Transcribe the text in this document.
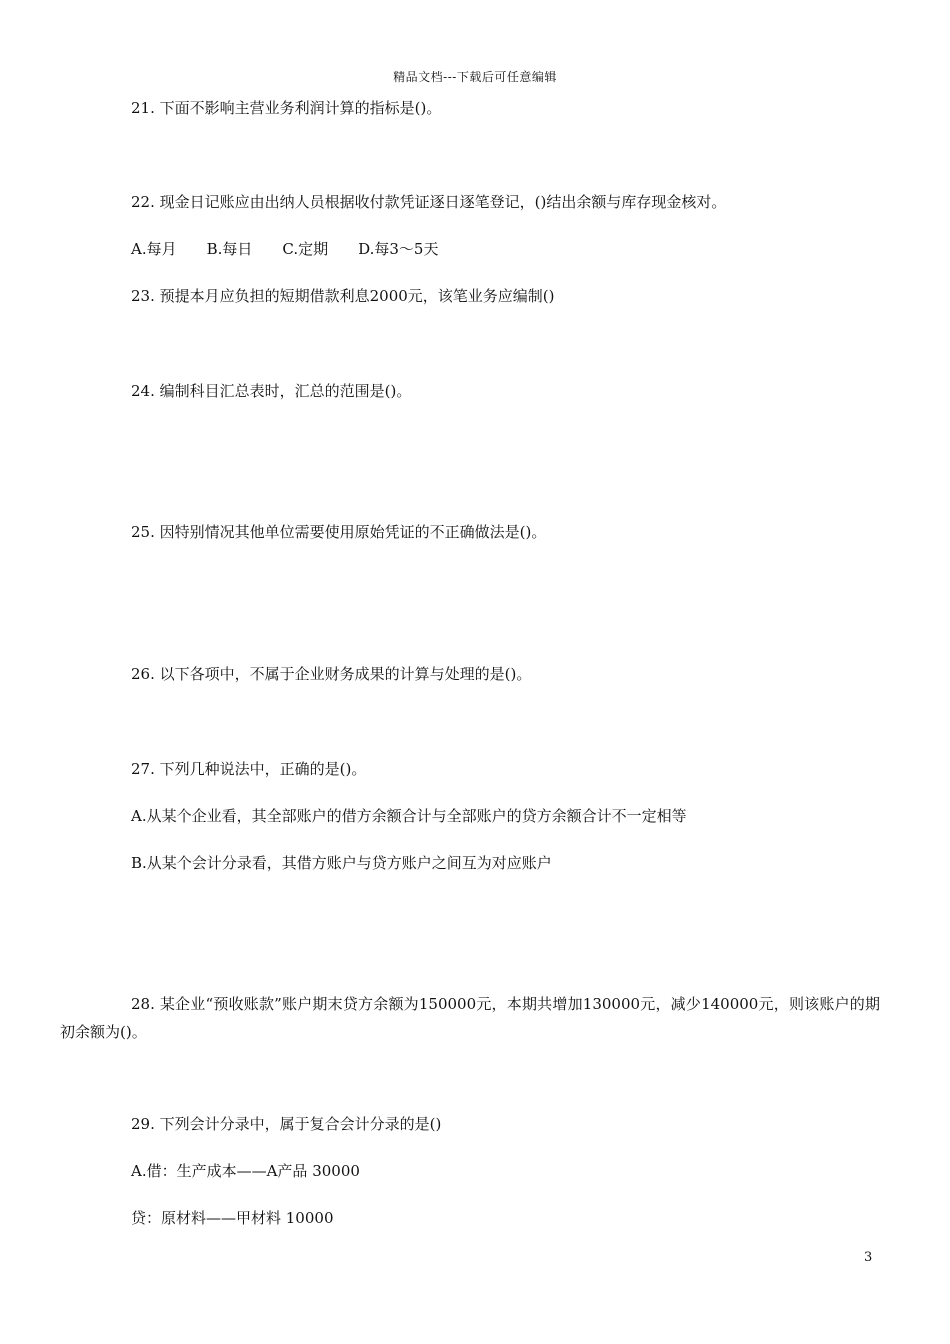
精品文档---下载后可任意编辑
21. 下面不影响主营业务利润计算的指标是()。
22. 现金日记账应由出纳人员根据收付款凭证逐日逐笔登记，()结出余额与库存现金核对。
A.每月　　B.每日　　C.定期　　D.每3～5天
23. 预提本月应负担的短期借款利息2000元，该笔业务应编制()
24. 编制科目汇总表时，汇总的范围是()。
25. 因特别情况其他单位需要使用原始凭证的不正确做法是()。
26. 以下各项中，不属于企业财务成果的计算与处理的是()。
27. 下列几种说法中，正确的是()。
A.从某个企业看，其全部账户的借方余额合计与全部账户的贷方余额合计不一定相等
B.从某个会计分录看，其借方账户与贷方账户之间互为对应账户
28. 某企业“预收账款”账户期末贷方余额为150000元，本期共增加130000元，减少140000元，则该账户的期初余额为()。
29. 下列会计分录中，属于复合会计分录的是()
A.借：生产成本——A产品 30000
贷：原材料——甲材料 10000
3
